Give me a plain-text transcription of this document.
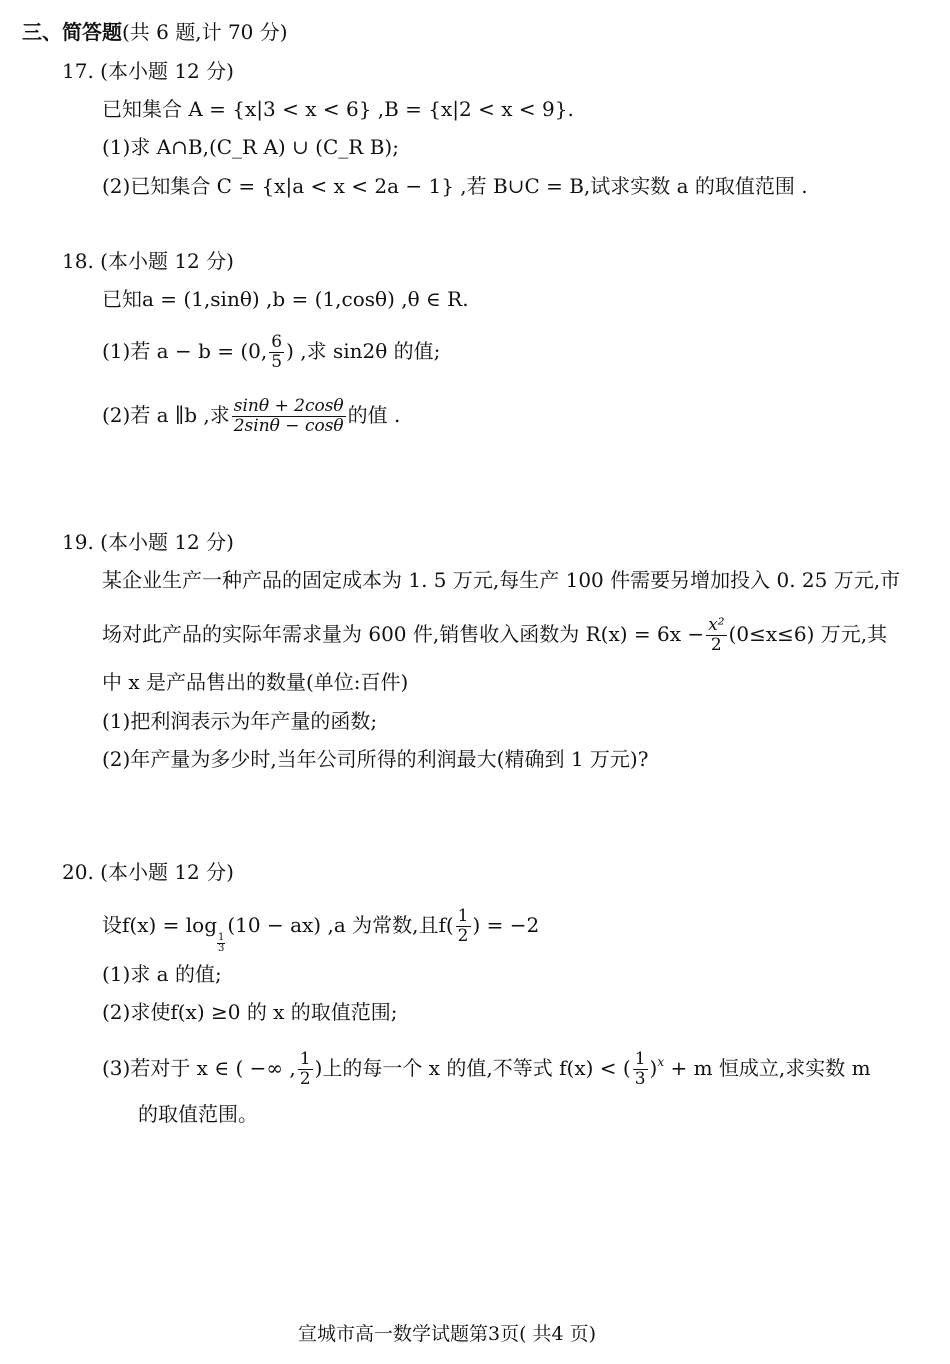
三、简答题(共 6 题,计 70 分)
17. (本小题 12 分)
已知集合 A = {x|3 < x < 6} ,B = {x|2 < x < 9}.
(1)求 A∩B,(C_R A) ∪ (C_R B);
(2)已知集合 C = {x|a < x < 2a − 1} ,若 B∪C = B,试求实数 a 的取值范围 .
18. (本小题 12 分)
已知a = (1,sinθ) ,b = (1,cosθ) ,θ ∈ R.
(1)若 a − b = (0, $\frac{6}{5}$ ) ,求 sin2θ 的值;
(2)若 a ∥b ,求 $\frac{\sin\theta + 2\cos\theta}{2\sin\theta - \cos\theta}$ 的值 .
19. (本小题 12 分)
某企业生产一种产品的固定成本为 1. 5 万元,每生产 100 件需要另增加投入 0. 25 万元,市
场对此产品的实际年需求量为 600 件,销售收入函数为 $R(x) = 6x - \frac{\text{x²}}{2} (0\le x\le 6)$ 万元,其
中 x 是产品售出的数量(单位:百件)
(1)把利润表示为年产量的函数;
(2)年产量为多少时,当年公司所得的利润最大(精确到 1 万元)?
20. (本小题 12 分)
设f(x) = log
$\frac{1}{3}$
(10 − ax) ,a 为常数,且$f( \frac{1}{2}$ ) = −2
(1)求 a 的值;
(2)求使f(x) ≥0 的 x 的取值范围;
(3)若对于 x ∈ ( −∞ , $\frac{1}{2}$ )上的每一个 x 的值,不等式 f(x) < ( $\frac{1}{3} )^x + m$ 恒成立,求实数 m
的取值范围。
宣城市高一数学试题第3页( 共4 页)
